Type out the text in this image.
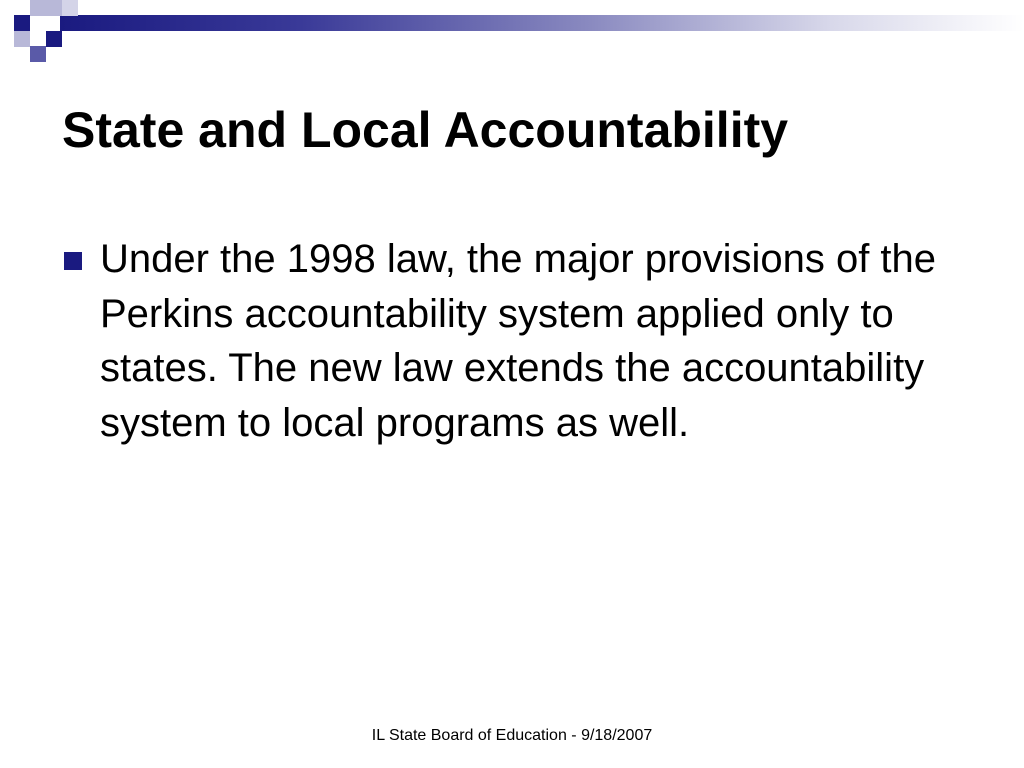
State and Local Accountability

Under the 1998 law, the major provisions of the Perkins accountability system applied only to states. The new law extends the accountability system to local programs as well.

IL State Board of Education - 9/18/2007
